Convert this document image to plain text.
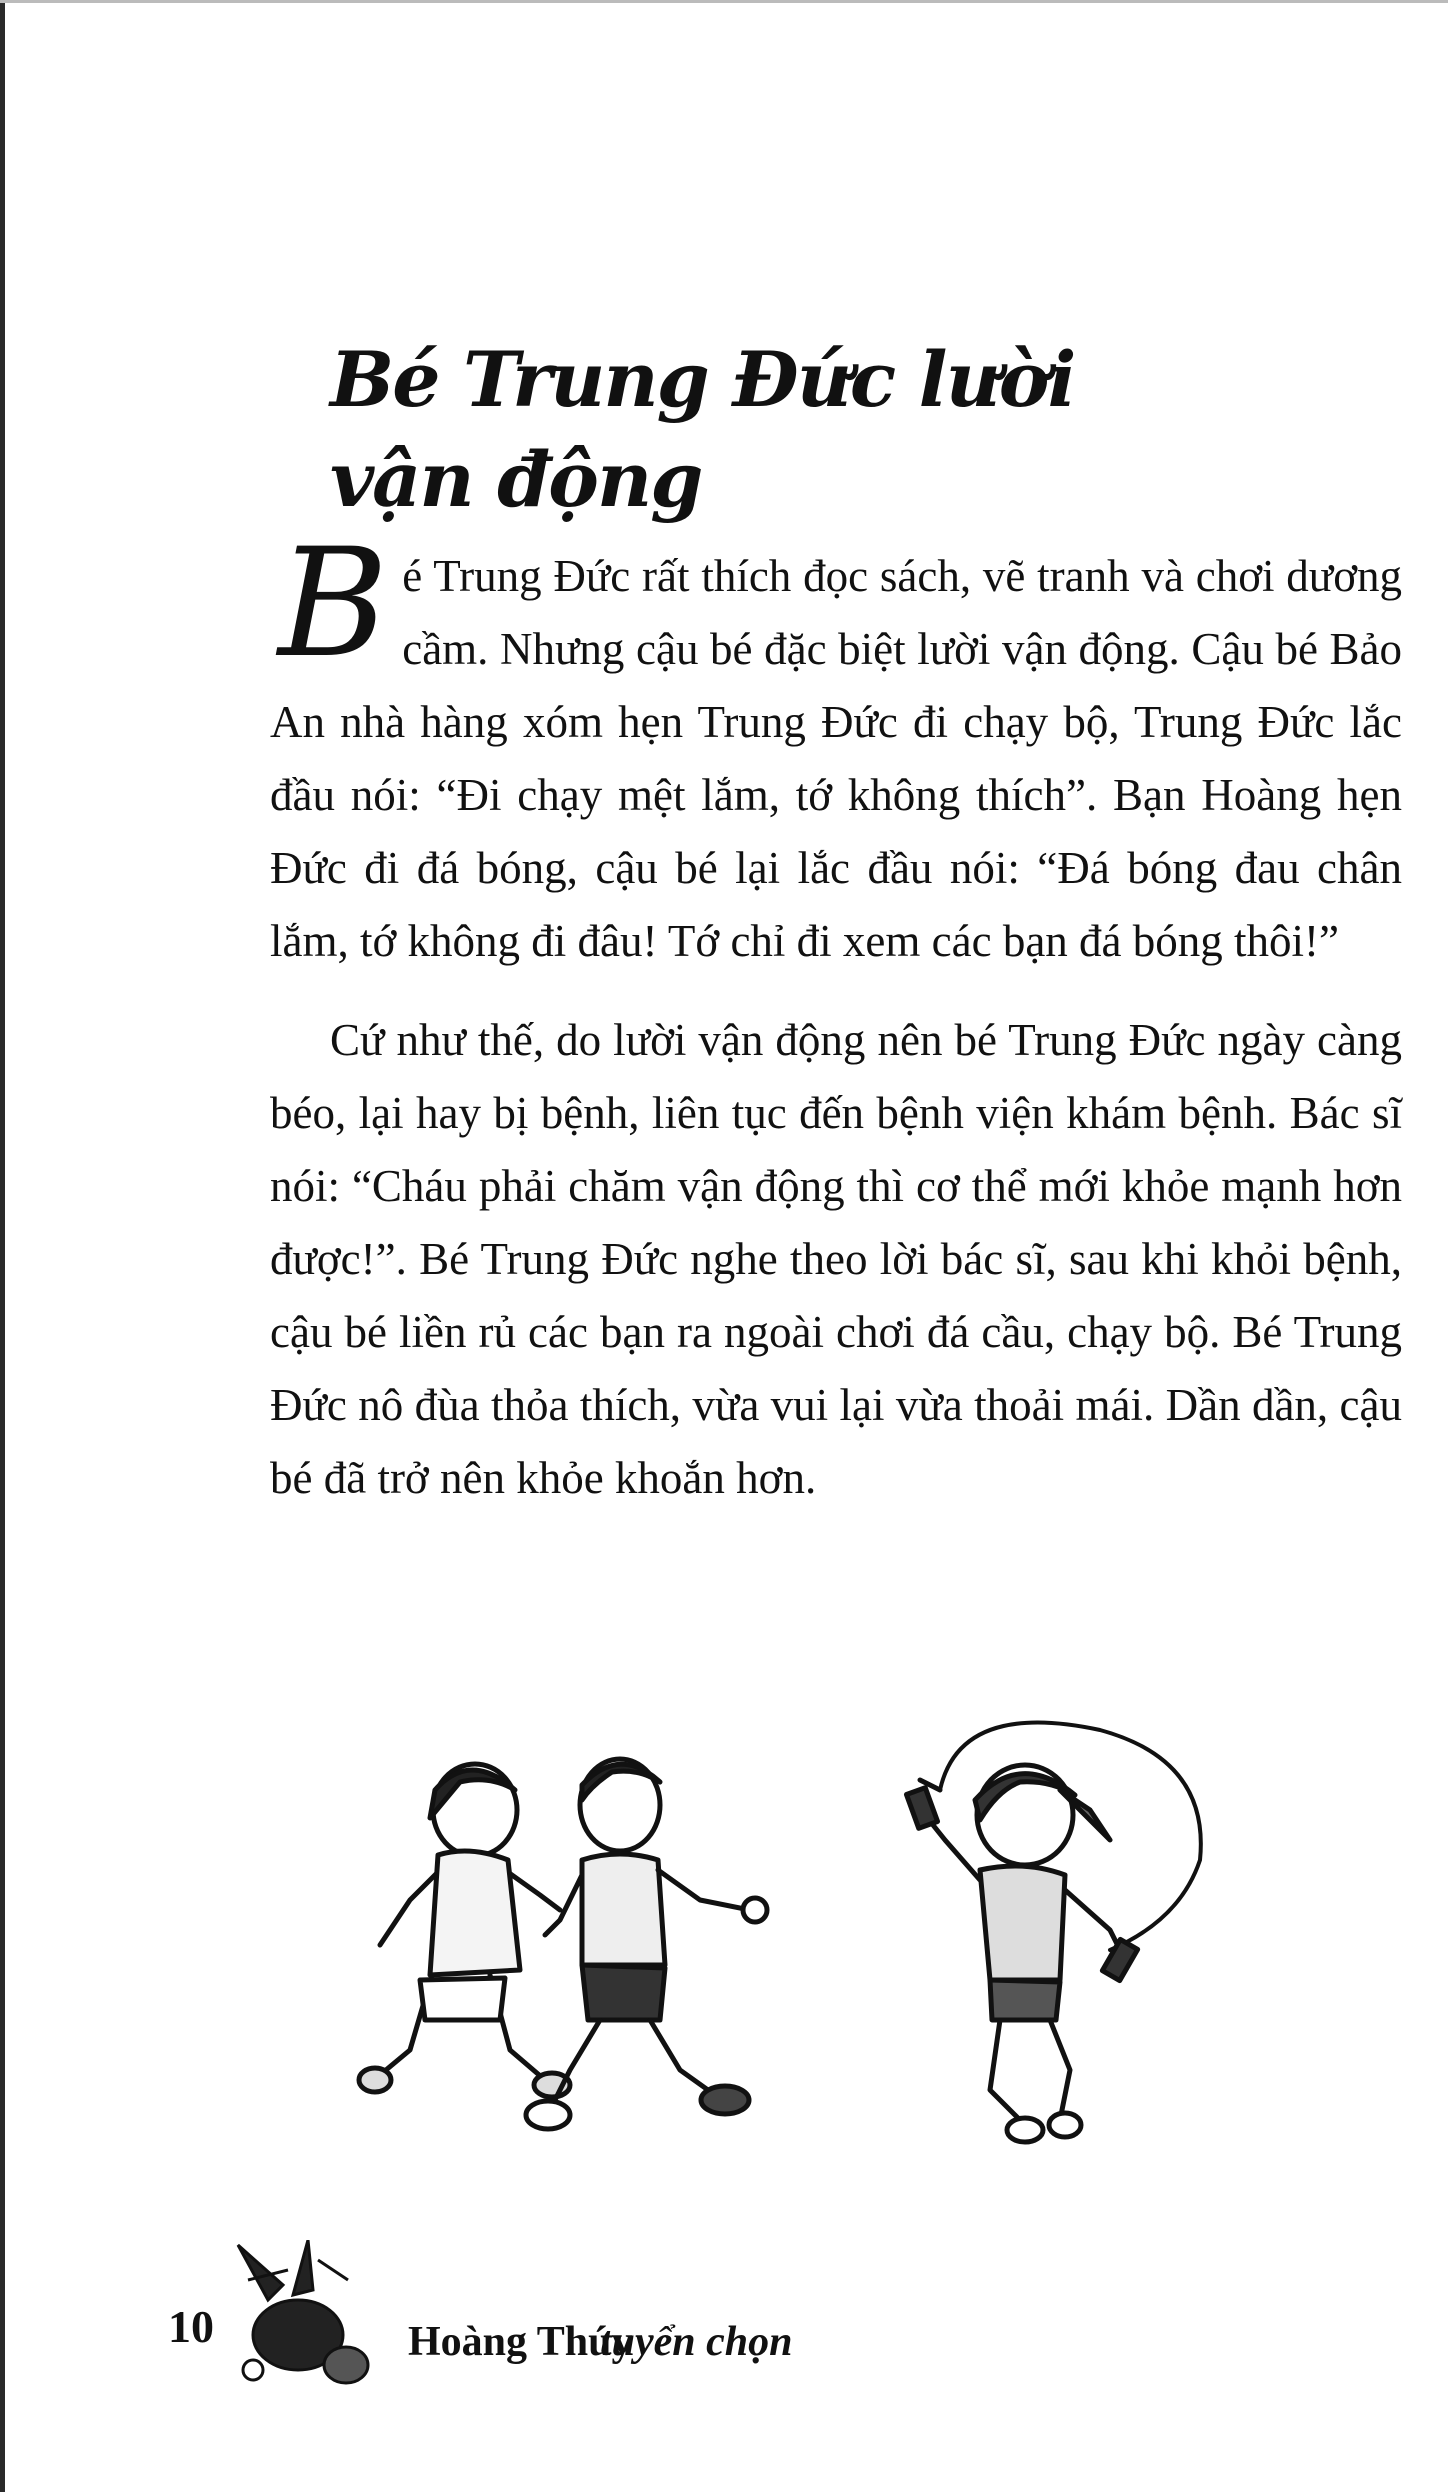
Bé Trung Đức lười vận động

Bé Trung Đức rất thích đọc sách, vẽ tranh và chơi dương cầm. Nhưng cậu bé đặc biệt lười vận động. Cậu bé Bảo An nhà hàng xóm hẹn Trung Đức đi chạy bộ, Trung Đức lắc đầu nói: “Đi chạy mệt lắm, tớ không thích”. Bạn Hoàng hẹn Đức đi đá bóng, cậu bé lại lắc đầu nói: “Đá bóng đau chân lắm, tớ không đi đâu! Tớ chỉ đi xem các bạn đá bóng thôi!”

Cứ như thế, do lười vận động nên bé Trung Đức ngày càng béo, lại hay bị bệnh, liên tục đến bệnh viện khám bệnh. Bác sĩ nói: “Cháu phải chăm vận động thì cơ thể mới khỏe mạnh hơn được!”. Bé Trung Đức nghe theo lời bác sĩ, sau khi khỏi bệnh, cậu bé liền rủ các bạn ra ngoài chơi đá cầu, chạy bộ. Bé Trung Đức nô đùa thỏa thích, vừa vui lại vừa thoải mái. Dần dần, cậu bé đã trở nên khỏe khoắn hơn.

10	Hoàng Thúy
tuyển chọn
